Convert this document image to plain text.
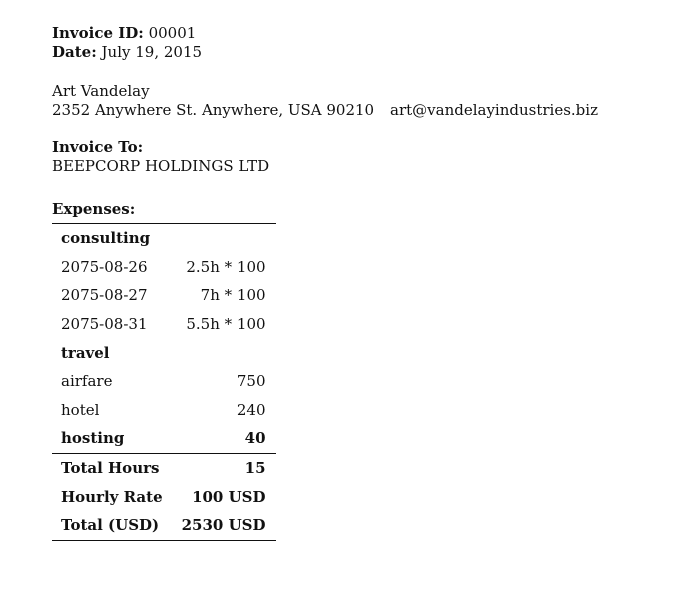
Invoice ID: 00001
Date: July 19, 2015
Art Vandelay
2352 Anywhere St. Anywhere, USA 90210 art@vandelayindustries.biz
Invoice To:
BEEPCORP HOLDINGS LTD
Expenses:
consulting	
2075-08-26	2.5h * 100
2075-08-27	7h * 100
2075-08-31	5.5h * 100
travel	
airfare	750
hotel	240
hosting	40
Total Hours	15
Hourly Rate	100 USD
Total (USD)	2530 USD
